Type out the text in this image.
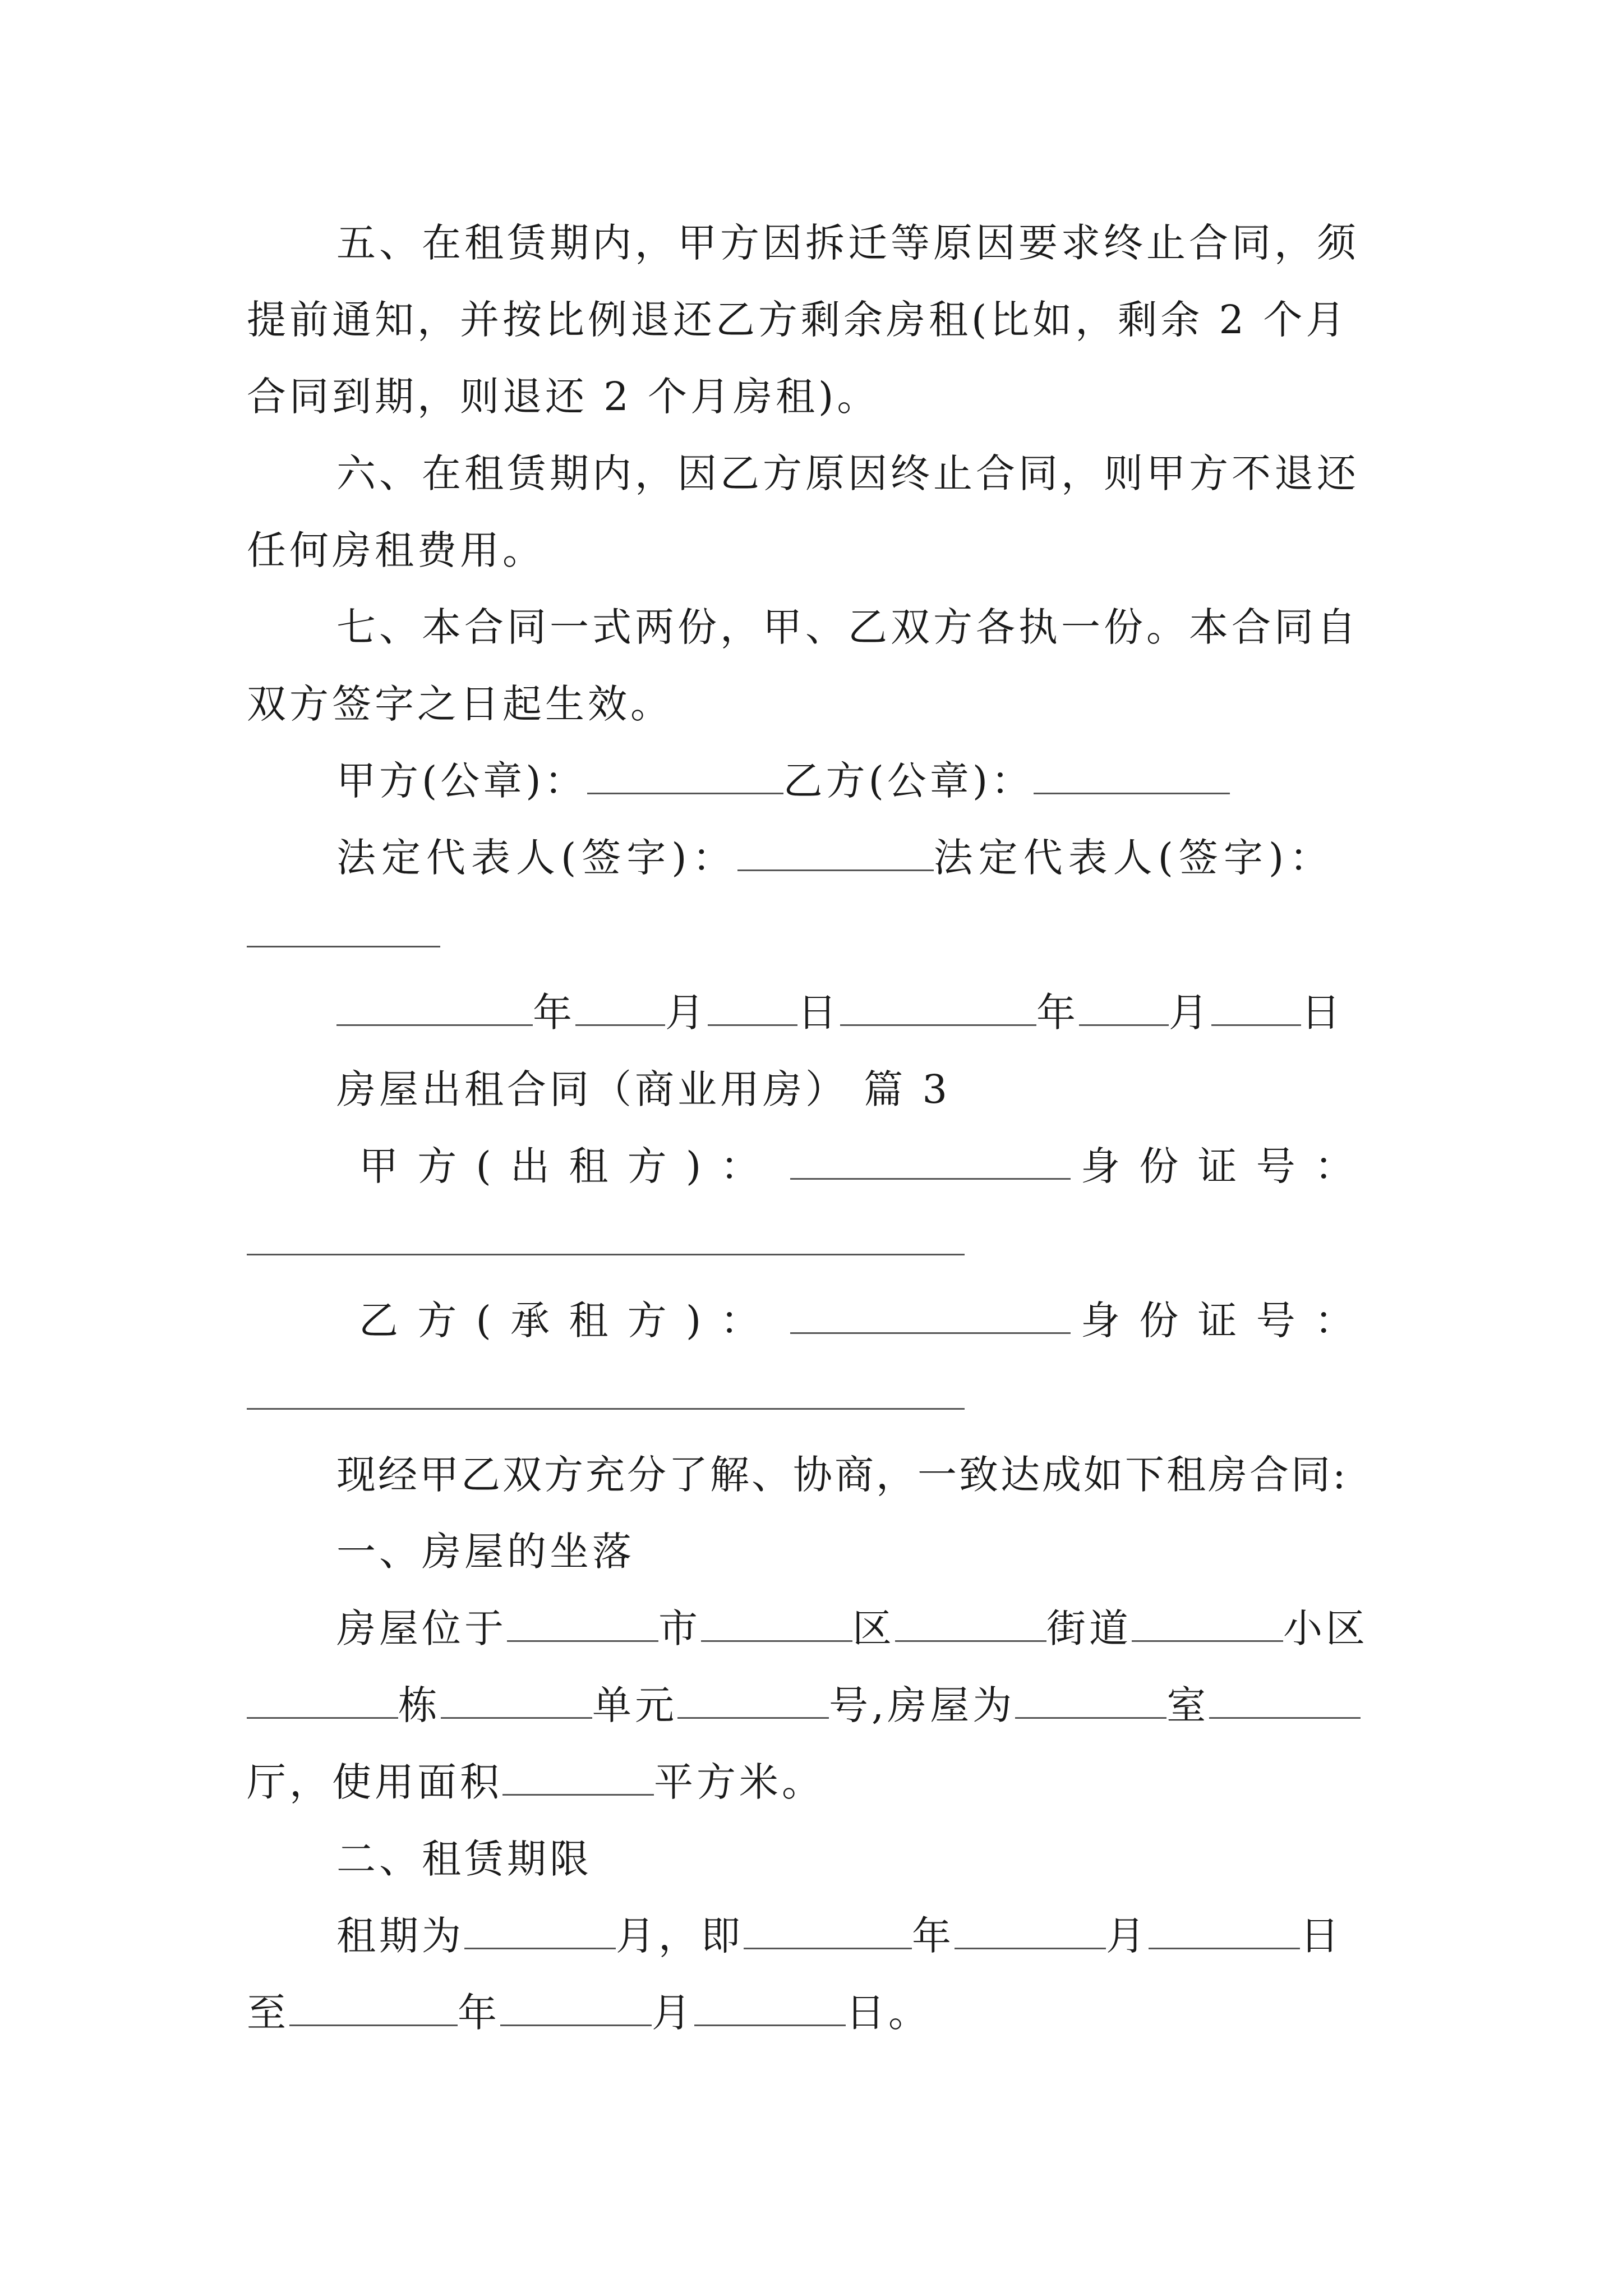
五、在租赁期内，甲方因拆迁等原因要求终止合同，须
提前通知，并按比例退还乙方剩余房租(比如，剩余 2 个月
合同到期，则退还 2 个月房租)。
六、在租赁期内，因乙方原因终止合同，则甲方不退还
任何房租费用。
七、本合同一式两份，甲、乙双方各执一份。本合同自
双方签字之日起生效。
甲方(公章)：	乙方(公章)：
法定代表人(签字)：	法定代表人(签字)：
年 月 日	年 月 日
房屋出租合同（商业用房） 篇 3
甲 方 ( 出 租 方 ) ：	身 份 证 号 ：
乙 方 ( 承 租 方 ) ：	身 份 证 号 ：
现经甲乙双方充分了解、协商，一致达成如下租房合同:
一、房屋的坐落
房屋位于	市	区	街道	小区
栋	单元	号,房屋为	室
厅，使用面积	平方米。
二、租赁期限
租期为	月，即	年	月	日
至	年	月	日。
